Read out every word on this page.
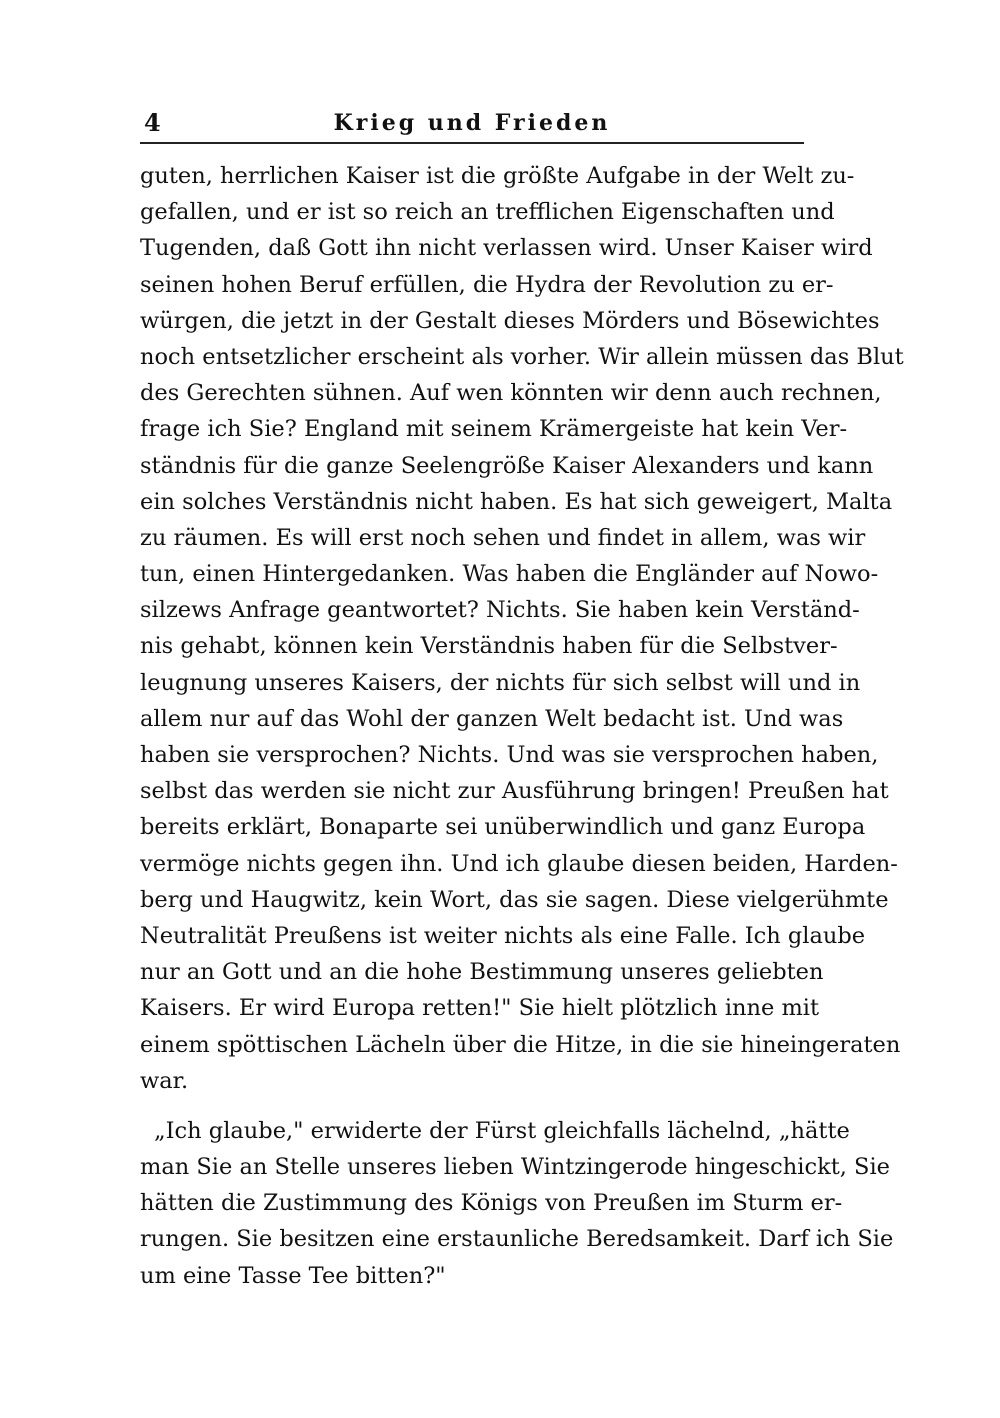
4	Krieg und Frieden
guten, herrlichen Kaiser ist die größte Aufgabe in der Welt zu-
gefallen, und er ist so reich an trefflichen Eigenschaften und
Tugenden, daß Gott ihn nicht verlassen wird. Unser Kaiser wird
seinen hohen Beruf erfüllen, die Hydra der Revolution zu er-
würgen, die jetzt in der Gestalt dieses Mörders und Bösewichtes
noch entsetzlicher erscheint als vorher. Wir allein müssen das Blut
des Gerechten sühnen. Auf wen könnten wir denn auch rechnen,
frage ich Sie? England mit seinem Krämergeiste hat kein Ver-
ständnis für die ganze Seelengröße Kaiser Alexanders und kann
ein solches Verständnis nicht haben. Es hat sich geweigert, Malta
zu räumen. Es will erst noch sehen und findet in allem, was wir
tun, einen Hintergedanken. Was haben die Engländer auf Nowo-
silzews Anfrage geantwortet? Nichts. Sie haben kein Verständ-
nis gehabt, können kein Verständnis haben für die Selbstver-
leugnung unseres Kaisers, der nichts für sich selbst will und in
allem nur auf das Wohl der ganzen Welt bedacht ist. Und was
haben sie versprochen? Nichts. Und was sie versprochen haben,
selbst das werden sie nicht zur Ausführung bringen! Preußen hat
bereits erklärt, Bonaparte sei unüberwindlich und ganz Europa
vermöge nichts gegen ihn. Und ich glaube diesen beiden, Harden-
berg und Haugwitz, kein Wort, das sie sagen. Diese vielgerühmte
Neutralität Preußens ist weiter nichts als eine Falle. Ich glaube
nur an Gott und an die hohe Bestimmung unseres geliebten
Kaisers. Er wird Europa retten!" Sie hielt plötzlich inne mit
einem spöttischen Lächeln über die Hitze, in die sie hineingeraten
war.
„Ich glaube," erwiderte der Fürst gleichfalls lächelnd, „hätte
man Sie an Stelle unseres lieben Wintzingerode hingeschickt, Sie
hätten die Zustimmung des Königs von Preußen im Sturm er-
rungen. Sie besitzen eine erstaunliche Beredsamkeit. Darf ich Sie
um eine Tasse Tee bitten?"
